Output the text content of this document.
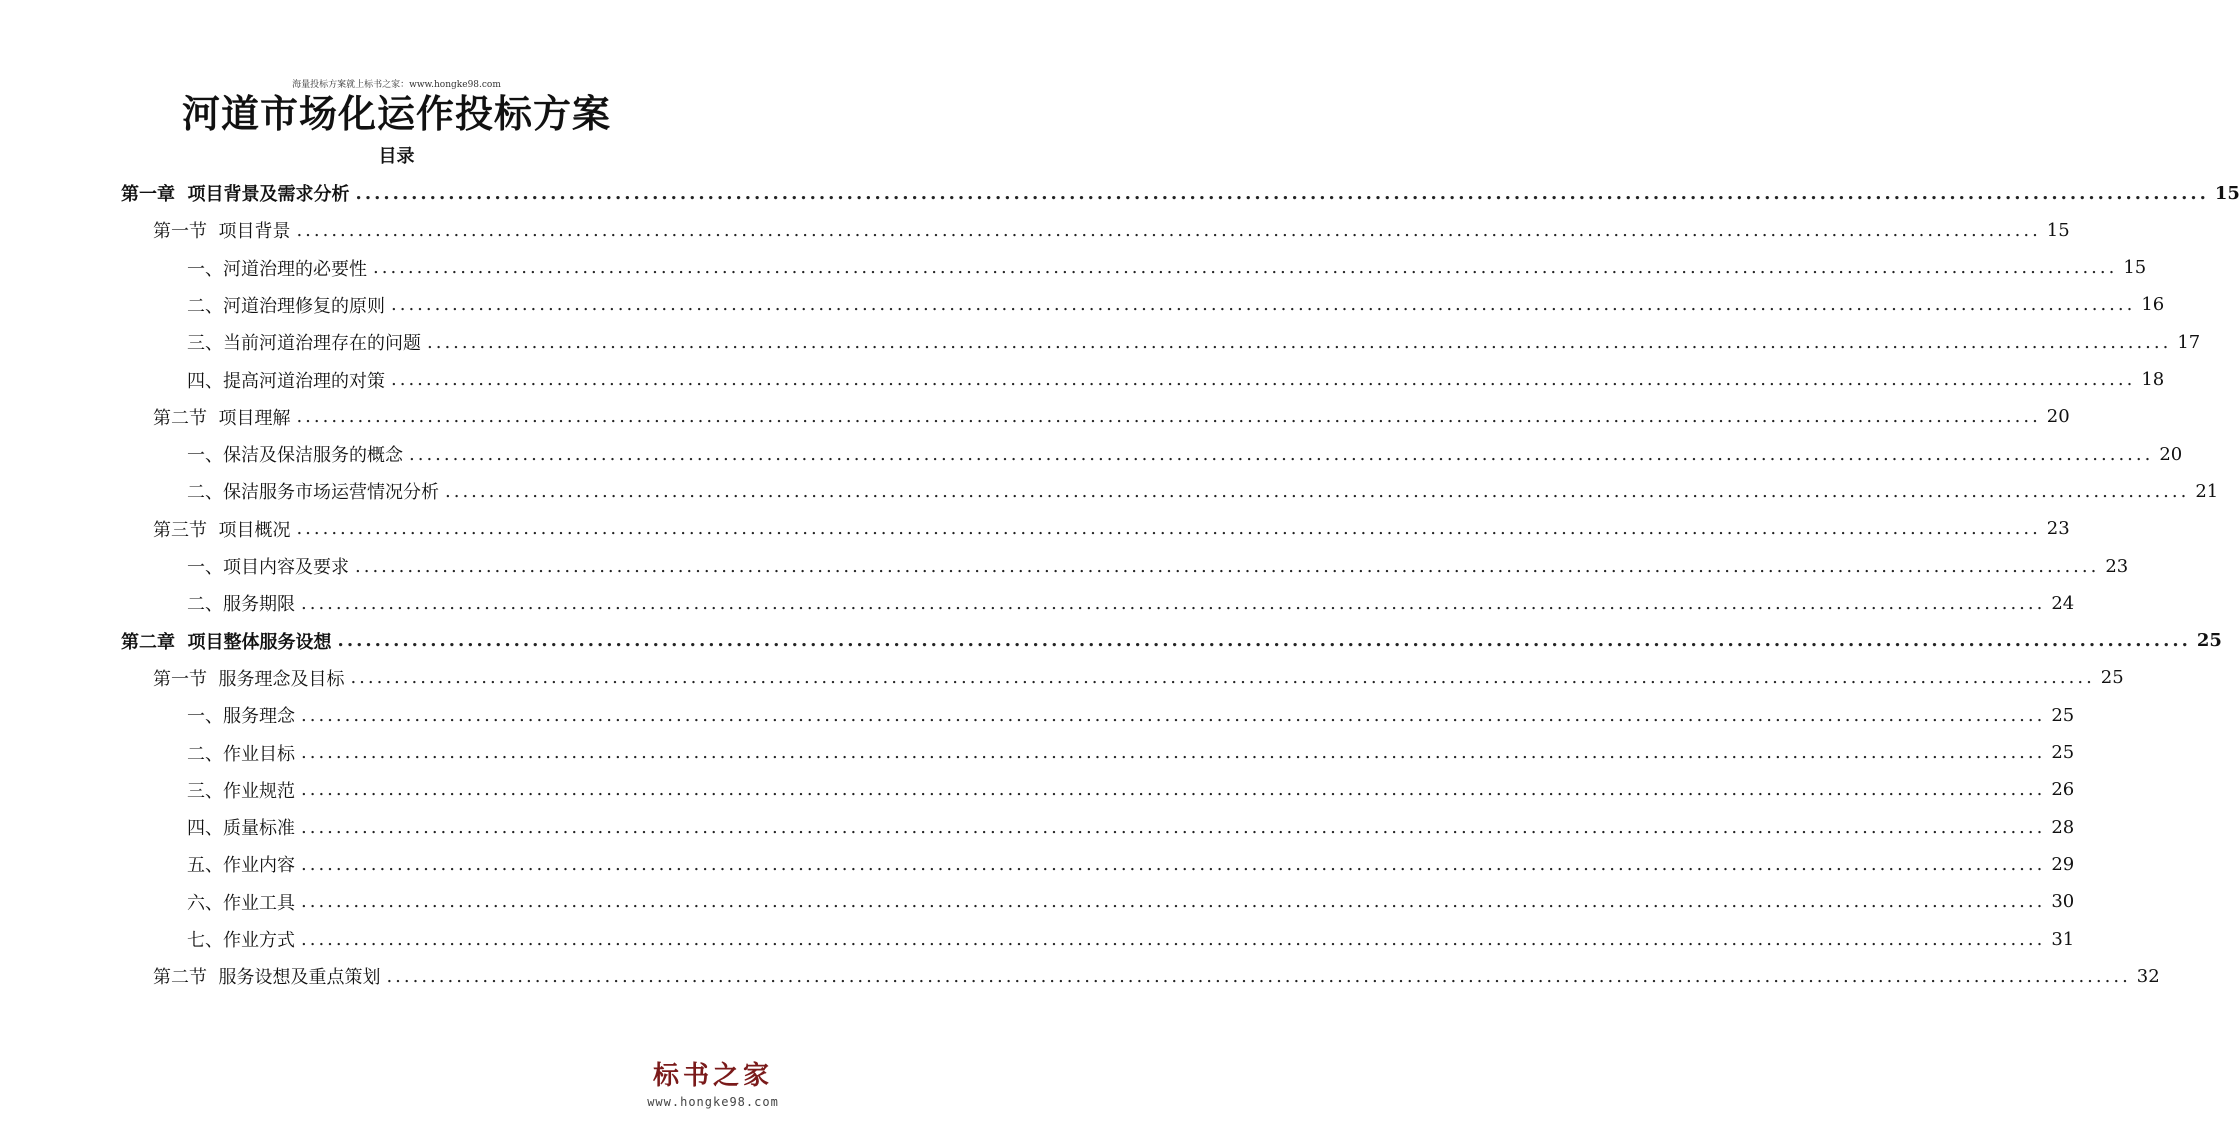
海量投标方案就上标书之家：www.hongke98.com
河道市场化运作投标方案
目录
第一章  项目背景及需求分析 ........................................................................................................................................................................................................ 15
第一节  项目背景 ........................................................................................................................................................................................................ 15
一、河道治理的必要性 ........................................................................................................................................................................................................ 15
二、河道治理修复的原则 ........................................................................................................................................................................................................ 16
三、当前河道治理存在的问题 ........................................................................................................................................................................................................ 17
四、提高河道治理的对策 ........................................................................................................................................................................................................ 18
第二节  项目理解 ........................................................................................................................................................................................................ 20
一、保洁及保洁服务的概念 ........................................................................................................................................................................................................ 20
二、保洁服务市场运营情况分析 ........................................................................................................................................................................................................ 21
第三节  项目概况 ........................................................................................................................................................................................................ 23
一、项目内容及要求 ........................................................................................................................................................................................................ 23
二、服务期限 ........................................................................................................................................................................................................ 24
第二章  项目整体服务设想 ........................................................................................................................................................................................................ 25
第一节  服务理念及目标 ........................................................................................................................................................................................................ 25
一、服务理念 ........................................................................................................................................................................................................ 25
二、作业目标 ........................................................................................................................................................................................................ 25
三、作业规范 ........................................................................................................................................................................................................ 26
四、质量标准 ........................................................................................................................................................................................................ 28
五、作业内容 ........................................................................................................................................................................................................ 29
六、作业工具 ........................................................................................................................................................................................................ 30
七、作业方式 ........................................................................................................................................................................................................ 31
第二节  服务设想及重点策划 ........................................................................................................................................................................................................ 32
标书之家
www.hongke98.com
